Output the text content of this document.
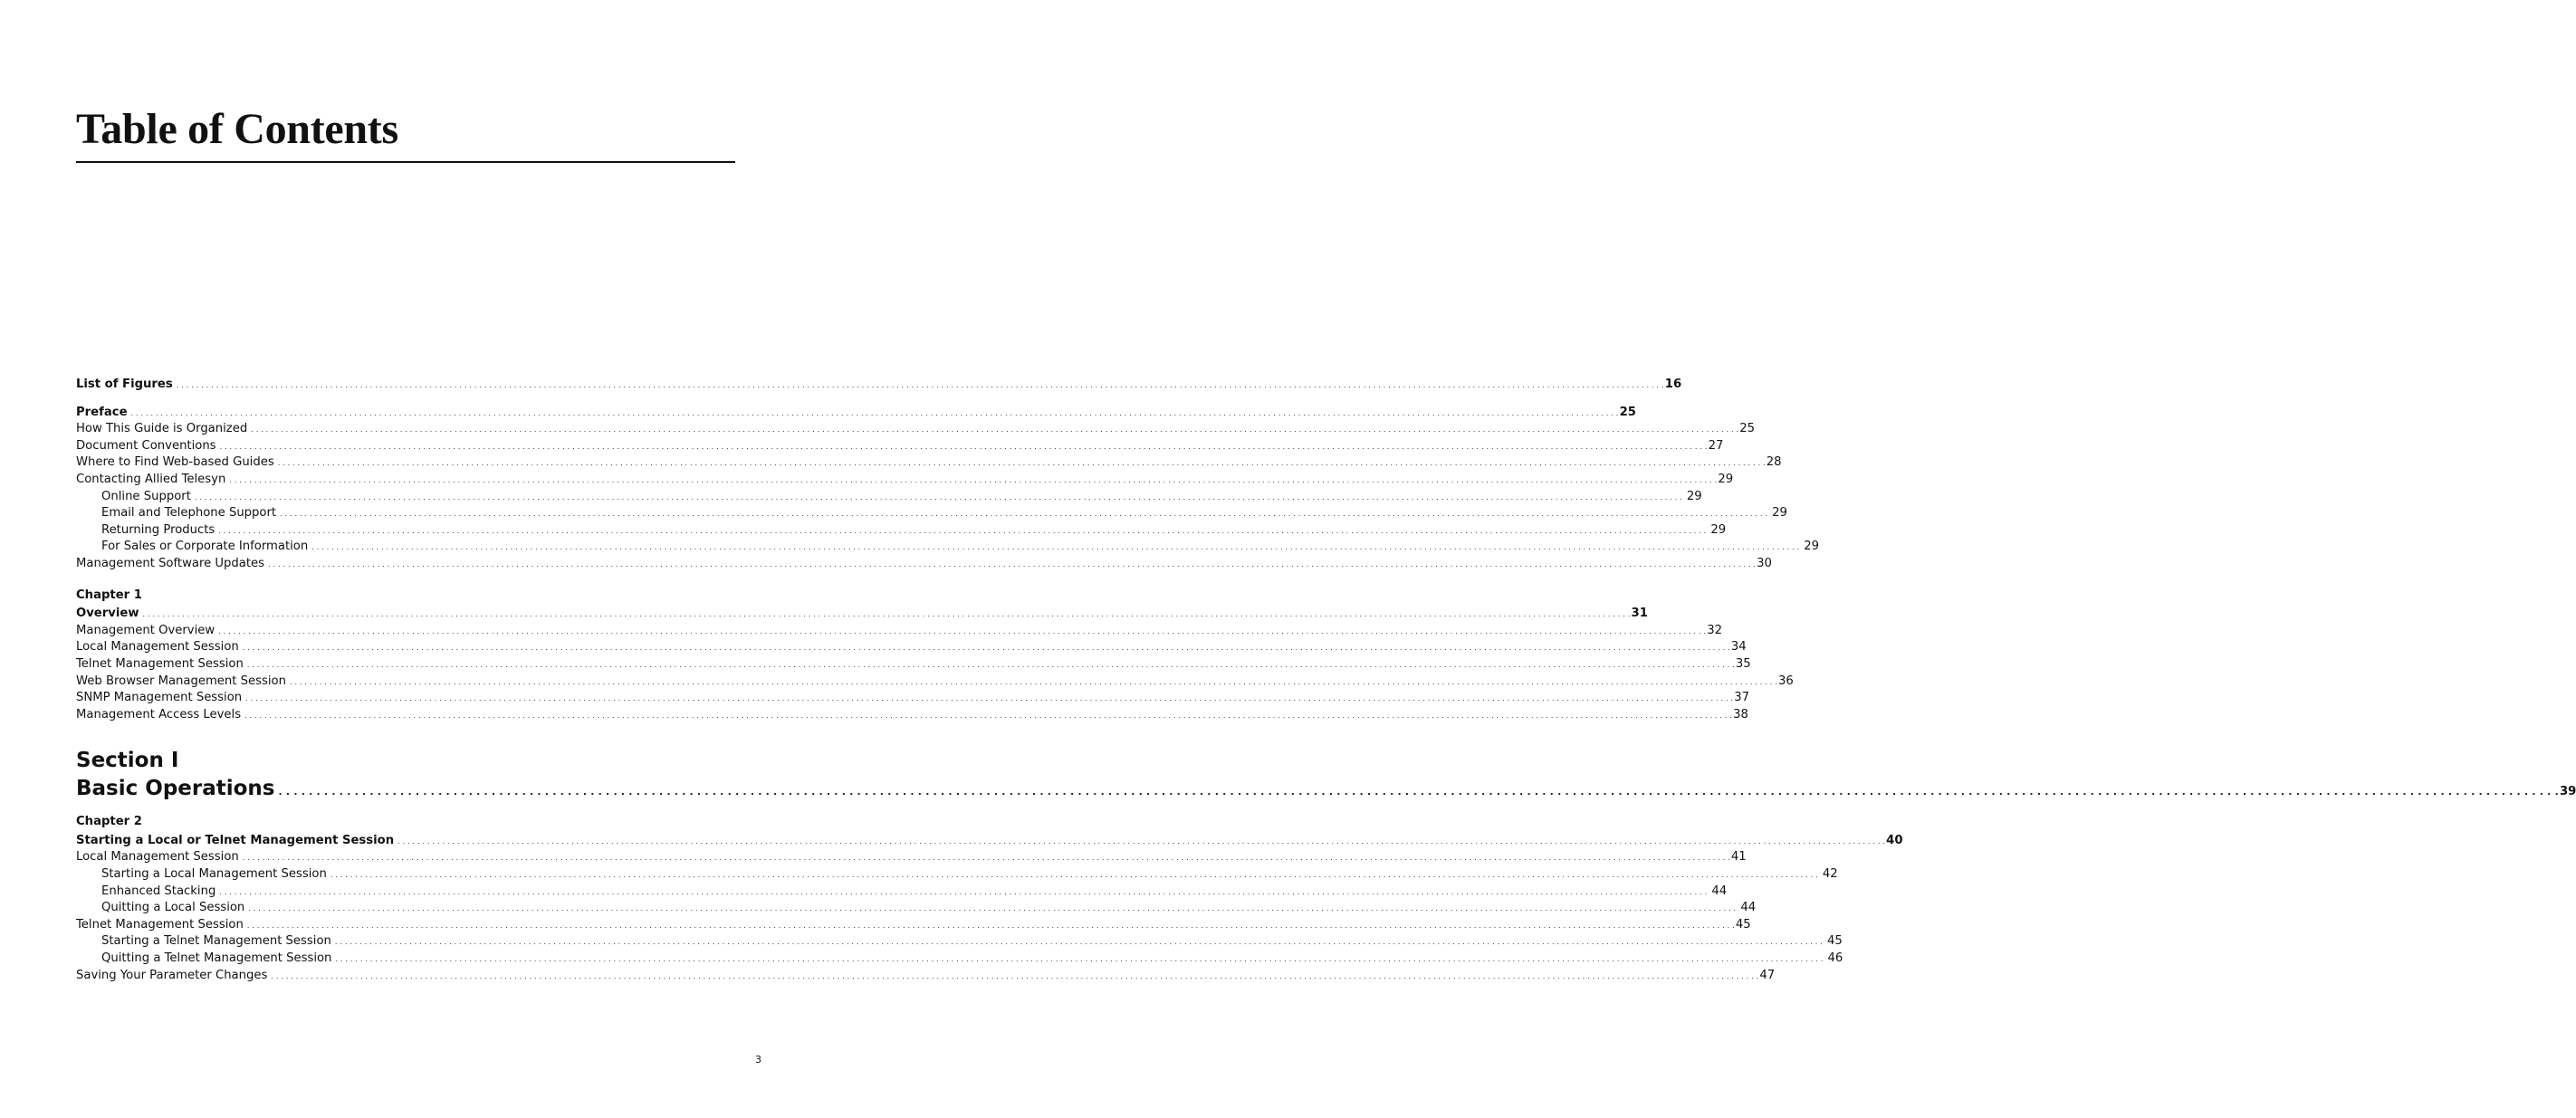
Table of Contents
List of Figures . . . . . . . . . . . . . . . . . . . . . . . . . . . . . . . . . . . . . . . . . . . . . . . . . . . . . . . . . . . . . . . . . . . . . . . . . . . . . . . . . . . . . . . . . . . . . . . . . . . . . . . . . . . . . . . . . . . . . . . . . . . . . . . . . . . . . . . . . . . . . . . . . . . . . . . . . . . . . . . . . . . . . . . . . . . . . . . . . . . . . . . . . . . . . . . . . . . . . . . . . . . . . . . . . . . . . . . . . . . . . . . . . . . . . . . . . . . . . . . . . . . . . . . . . . . . . . . . . . . . . . . . . . . . . . . . . . . . . . . . . . . . . . . . . . . . . . . . . . . . 16
Preface . . . . . . . . . . . . . . . . . . . . . . . . . . . . . . . . . . . . . . . . . . . . . . . . . . . . . . . . . . . . . . . . . . . . . . . . . . . . . . . . . . . . . . . . . . . . . . . . . . . . . . . . . . . . . . . . . . . . . . . . . . . . . . . . . . . . . . . . . . . . . . . . . . . . . . . . . . . . . . . . . . . . . . . . . . . . . . . . . . . . . . . . . . . . . . . . . . . . . . . . . . . . . . . . . . . . . . . . . . . . . . . . . . . . . . . . . . . . . . . . . . . . . . . . . . . . . . . . . . . . . . . . . . . . . . . . . . . . . . . . . . . . . . . . . . . . . . . . . . . . 25
How This Guide is Organized . . . . . . . . . . . . . . . . . . . . . . . . . . . . . . . . . . . . . . . . . . . . . . . . . . . . . . . . . . . . . . . . . . . . . . . . . . . . . . . . . . . . . . . . . . . . . . . . . . . . . . . . . . . . . . . . . . . . . . . . . . . . . . . . . . . . . . . . . . . . . . . . . . . . . . . . . . . . . . . . . . . . . . . . . . . . . . . . . . . . . . . . . . . . . . . . . . . . . . . . . . . . . . . . . . . . . . . . . . . . . . . . . . . . . . . . . . . . . . . . . . . . . . . . . . . . . . . . . . . . . . . . . . . . . . . . . . . . . . . . . . . . . . . . . . . . . . . . . . . . 25
Document Conventions . . . . . . . . . . . . . . . . . . . . . . . . . . . . . . . . . . . . . . . . . . . . . . . . . . . . . . . . . . . . . . . . . . . . . . . . . . . . . . . . . . . . . . . . . . . . . . . . . . . . . . . . . . . . . . . . . . . . . . . . . . . . . . . . . . . . . . . . . . . . . . . . . . . . . . . . . . . . . . . . . . . . . . . . . . . . . . . . . . . . . . . . . . . . . . . . . . . . . . . . . . . . . . . . . . . . . . . . . . . . . . . . . . . . . . . . . . . . . . . . . . . . . . . . . . . . . . . . . . . . . . . . . . . . . . . . . . . . . . . . . . . . . . . . . . . . . . . . . . . . 27
Where to Find Web-based Guides . . . . . . . . . . . . . . . . . . . . . . . . . . . . . . . . . . . . . . . . . . . . . . . . . . . . . . . . . . . . . . . . . . . . . . . . . . . . . . . . . . . . . . . . . . . . . . . . . . . . . . . . . . . . . . . . . . . . . . . . . . . . . . . . . . . . . . . . . . . . . . . . . . . . . . . . . . . . . . . . . . . . . . . . . . . . . . . . . . . . . . . . . . . . . . . . . . . . . . . . . . . . . . . . . . . . . . . . . . . . . . . . . . . . . . . . . . . . . . . . . . . . . . . . . . . . . . . . . . . . . . . . . . . . . . . . . . . . . . . . . . . . . . . . . . . . . . . . . . . . 28
Contacting Allied Telesyn . . . . . . . . . . . . . . . . . . . . . . . . . . . . . . . . . . . . . . . . . . . . . . . . . . . . . . . . . . . . . . . . . . . . . . . . . . . . . . . . . . . . . . . . . . . . . . . . . . . . . . . . . . . . . . . . . . . . . . . . . . . . . . . . . . . . . . . . . . . . . . . . . . . . . . . . . . . . . . . . . . . . . . . . . . . . . . . . . . . . . . . . . . . . . . . . . . . . . . . . . . . . . . . . . . . . . . . . . . . . . . . . . . . . . . . . . . . . . . . . . . . . . . . . . . . . . . . . . . . . . . . . . . . . . . . . . . . . . . . . . . . . . . . . . . . . . . . . . . . . 29
Online Support . . . . . . . . . . . . . . . . . . . . . . . . . . . . . . . . . . . . . . . . . . . . . . . . . . . . . . . . . . . . . . . . . . . . . . . . . . . . . . . . . . . . . . . . . . . . . . . . . . . . . . . . . . . . . . . . . . . . . . . . . . . . . . . . . . . . . . . . . . . . . . . . . . . . . . . . . . . . . . . . . . . . . . . . . . . . . . . . . . . . . . . . . . . . . . . . . . . . . . . . . . . . . . . . . . . . . . . . . . . . . . . . . . . . . . . . . . . . . . . . . . . . . . . . . . . . . . . . . . . . . . . . . . . . . . . . . . . . . . . . . . . . . . . . . . . . . . . . . . . . 29
Email and Telephone Support . . . . . . . . . . . . . . . . . . . . . . . . . . . . . . . . . . . . . . . . . . . . . . . . . . . . . . . . . . . . . . . . . . . . . . . . . . . . . . . . . . . . . . . . . . . . . . . . . . . . . . . . . . . . . . . . . . . . . . . . . . . . . . . . . . . . . . . . . . . . . . . . . . . . . . . . . . . . . . . . . . . . . . . . . . . . . . . . . . . . . . . . . . . . . . . . . . . . . . . . . . . . . . . . . . . . . . . . . . . . . . . . . . . . . . . . . . . . . . . . . . . . . . . . . . . . . . . . . . . . . . . . . . . . . . . . . . . . . . . . . . . . . . . . . . . . . . . . . . . . 29
Returning Products . . . . . . . . . . . . . . . . . . . . . . . . . . . . . . . . . . . . . . . . . . . . . . . . . . . . . . . . . . . . . . . . . . . . . . . . . . . . . . . . . . . . . . . . . . . . . . . . . . . . . . . . . . . . . . . . . . . . . . . . . . . . . . . . . . . . . . . . . . . . . . . . . . . . . . . . . . . . . . . . . . . . . . . . . . . . . . . . . . . . . . . . . . . . . . . . . . . . . . . . . . . . . . . . . . . . . . . . . . . . . . . . . . . . . . . . . . . . . . . . . . . . . . . . . . . . . . . . . . . . . . . . . . . . . . . . . . . . . . . . . . . . . . . . . . . . . . . . . . . . 29
For Sales or Corporate Information . . . . . . . . . . . . . . . . . . . . . . . . . . . . . . . . . . . . . . . . . . . . . . . . . . . . . . . . . . . . . . . . . . . . . . . . . . . . . . . . . . . . . . . . . . . . . . . . . . . . . . . . . . . . . . . . . . . . . . . . . . . . . . . . . . . . . . . . . . . . . . . . . . . . . . . . . . . . . . . . . . . . . . . . . . . . . . . . . . . . . . . . . . . . . . . . . . . . . . . . . . . . . . . . . . . . . . . . . . . . . . . . . . . . . . . . . . . . . . . . . . . . . . . . . . . . . . . . . . . . . . . . . . . . . . . . . . . . . . . . . . . . . . . . . . . . . . . . . . . . 29
Management Software Updates . . . . . . . . . . . . . . . . . . . . . . . . . . . . . . . . . . . . . . . . . . . . . . . . . . . . . . . . . . . . . . . . . . . . . . . . . . . . . . . . . . . . . . . . . . . . . . . . . . . . . . . . . . . . . . . . . . . . . . . . . . . . . . . . . . . . . . . . . . . . . . . . . . . . . . . . . . . . . . . . . . . . . . . . . . . . . . . . . . . . . . . . . . . . . . . . . . . . . . . . . . . . . . . . . . . . . . . . . . . . . . . . . . . . . . . . . . . . . . . . . . . . . . . . . . . . . . . . . . . . . . . . . . . . . . . . . . . . . . . . . . . . . . . . . . . . . . . . . . . . 30
Chapter 1
Overview . . . . . . . . . . . . . . . . . . . . . . . . . . . . . . . . . . . . . . . . . . . . . . . . . . . . . . . . . . . . . . . . . . . . . . . . . . . . . . . . . . . . . . . . . . . . . . . . . . . . . . . . . . . . . . . . . . . . . . . . . . . . . . . . . . . . . . . . . . . . . . . . . . . . . . . . . . . . . . . . . . . . . . . . . . . . . . . . . . . . . . . . . . . . . . . . . . . . . . . . . . . . . . . . . . . . . . . . . . . . . . . . . . . . . . . . . . . . . . . . . . . . . . . . . . . . . . . . . . . . . . . . . . . . . . . . . . . . . . . . . . . . . . . . . . . . . . . . . . . . 31
Management Overview . . . . . . . . . . . . . . . . . . . . . . . . . . . . . . . . . . . . . . . . . . . . . . . . . . . . . . . . . . . . . . . . . . . . . . . . . . . . . . . . . . . . . . . . . . . . . . . . . . . . . . . . . . . . . . . . . . . . . . . . . . . . . . . . . . . . . . . . . . . . . . . . . . . . . . . . . . . . . . . . . . . . . . . . . . . . . . . . . . . . . . . . . . . . . . . . . . . . . . . . . . . . . . . . . . . . . . . . . . . . . . . . . . . . . . . . . . . . . . . . . . . . . . . . . . . . . . . . . . . . . . . . . . . . . . . . . . . . . . . . . . . . . . . . . . . . . . . . . . . . 32
Local Management Session . . . . . . . . . . . . . . . . . . . . . . . . . . . . . . . . . . . . . . . . . . . . . . . . . . . . . . . . . . . . . . . . . . . . . . . . . . . . . . . . . . . . . . . . . . . . . . . . . . . . . . . . . . . . . . . . . . . . . . . . . . . . . . . . . . . . . . . . . . . . . . . . . . . . . . . . . . . . . . . . . . . . . . . . . . . . . . . . . . . . . . . . . . . . . . . . . . . . . . . . . . . . . . . . . . . . . . . . . . . . . . . . . . . . . . . . . . . . . . . . . . . . . . . . . . . . . . . . . . . . . . . . . . . . . . . . . . . . . . . . . . . . . . . . . . . . . . . . . . . . 34
Telnet Management Session . . . . . . . . . . . . . . . . . . . . . . . . . . . . . . . . . . . . . . . . . . . . . . . . . . . . . . . . . . . . . . . . . . . . . . . . . . . . . . . . . . . . . . . . . . . . . . . . . . . . . . . . . . . . . . . . . . . . . . . . . . . . . . . . . . . . . . . . . . . . . . . . . . . . . . . . . . . . . . . . . . . . . . . . . . . . . . . . . . . . . . . . . . . . . . . . . . . . . . . . . . . . . . . . . . . . . . . . . . . . . . . . . . . . . . . . . . . . . . . . . . . . . . . . . . . . . . . . . . . . . . . . . . . . . . . . . . . . . . . . . . . . . . . . . . . . . . . . . . . . 35
Web Browser Management Session . . . . . . . . . . . . . . . . . . . . . . . . . . . . . . . . . . . . . . . . . . . . . . . . . . . . . . . . . . . . . . . . . . . . . . . . . . . . . . . . . . . . . . . . . . . . . . . . . . . . . . . . . . . . . . . . . . . . . . . . . . . . . . . . . . . . . . . . . . . . . . . . . . . . . . . . . . . . . . . . . . . . . . . . . . . . . . . . . . . . . . . . . . . . . . . . . . . . . . . . . . . . . . . . . . . . . . . . . . . . . . . . . . . . . . . . . . . . . . . . . . . . . . . . . . . . . . . . . . . . . . . . . . . . . . . . . . . . . . . . . . . . . . . . . . . . . . . . . . . . 36
SNMP Management Session . . . . . . . . . . . . . . . . . . . . . . . . . . . . . . . . . . . . . . . . . . . . . . . . . . . . . . . . . . . . . . . . . . . . . . . . . . . . . . . . . . . . . . . . . . . . . . . . . . . . . . . . . . . . . . . . . . . . . . . . . . . . . . . . . . . . . . . . . . . . . . . . . . . . . . . . . . . . . . . . . . . . . . . . . . . . . . . . . . . . . . . . . . . . . . . . . . . . . . . . . . . . . . . . . . . . . . . . . . . . . . . . . . . . . . . . . . . . . . . . . . . . . . . . . . . . . . . . . . . . . . . . . . . . . . . . . . . . . . . . . . . . . . . . . . . . . . . . . . . . 37
Management Access Levels . . . . . . . . . . . . . . . . . . . . . . . . . . . . . . . . . . . . . . . . . . . . . . . . . . . . . . . . . . . . . . . . . . . . . . . . . . . . . . . . . . . . . . . . . . . . . . . . . . . . . . . . . . . . . . . . . . . . . . . . . . . . . . . . . . . . . . . . . . . . . . . . . . . . . . . . . . . . . . . . . . . . . . . . . . . . . . . . . . . . . . . . . . . . . . . . . . . . . . . . . . . . . . . . . . . . . . . . . . . . . . . . . . . . . . . . . . . . . . . . . . . . . . . . . . . . . . . . . . . . . . . . . . . . . . . . . . . . . . . . . . . . . . . . . . . . . . . . . . . . 38
Section I
Basic Operations . . . . . . . . . . . . . . . . . . . . . . . . . . . . . . . . . . . . . . . . . . . . . . . . . . . . . . . . . . . . . . . . . . . . . . . . . . . . . . . . . . . . . . . . . . . . . . . . . . . . . . . . . . . . . . . . . . . . . . . . . . . . . . . . . . . . . . . . . . . . . . . . . . . . . . . . . . . . . . . . . . . . . . . . . . . . . . . . . . . . . . . . . . . . . . . . . . . . . . . . . . . . . . . . . . . . . . . . . . . . . . . . . . . . . . . . . . . . . . . . . . . . . . . . . . . . . . . . . . . . . . . . . . . . . . . . . . . . . . . . . . . . . . . . . . . . . . . . . . . . 39
Chapter 2
Starting a Local or Telnet Management Session . . . . . . . . . . . . . . . . . . . . . . . . . . . . . . . . . . . . . . . . . . . . . . . . . . . . . . . . . . . . . . . . . . . . . . . . . . . . . . . . . . . . . . . . . . . . . . . . . . . . . . . . . . . . . . . . . . . . . . . . . . . . . . . . . . . . . . . . . . . . . . . . . . . . . . . . . . . . . . . . . . . . . . . . . . . . . . . . . . . . . . . . . . . . . . . . . . . . . . . . . . . . . . . . . . . . . . . . . . . . . . . . . . . . . . . . . . . . . . . . . . . . . . . . . . . . . . . . . . . . . . . . . . . . . . . . . . . . . . . . . . . . . . . . . . . . . . . . . . . . 40
Local Management Session . . . . . . . . . . . . . . . . . . . . . . . . . . . . . . . . . . . . . . . . . . . . . . . . . . . . . . . . . . . . . . . . . . . . . . . . . . . . . . . . . . . . . . . . . . . . . . . . . . . . . . . . . . . . . . . . . . . . . . . . . . . . . . . . . . . . . . . . . . . . . . . . . . . . . . . . . . . . . . . . . . . . . . . . . . . . . . . . . . . . . . . . . . . . . . . . . . . . . . . . . . . . . . . . . . . . . . . . . . . . . . . . . . . . . . . . . . . . . . . . . . . . . . . . . . . . . . . . . . . . . . . . . . . . . . . . . . . . . . . . . . . . . . . . . . . . . . . . . . . . 41
Starting a Local Management Session . . . . . . . . . . . . . . . . . . . . . . . . . . . . . . . . . . . . . . . . . . . . . . . . . . . . . . . . . . . . . . . . . . . . . . . . . . . . . . . . . . . . . . . . . . . . . . . . . . . . . . . . . . . . . . . . . . . . . . . . . . . . . . . . . . . . . . . . . . . . . . . . . . . . . . . . . . . . . . . . . . . . . . . . . . . . . . . . . . . . . . . . . . . . . . . . . . . . . . . . . . . . . . . . . . . . . . . . . . . . . . . . . . . . . . . . . . . . . . . . . . . . . . . . . . . . . . . . . . . . . . . . . . . . . . . . . . . . . . . . . . . . . . . . . . . . . . . . . . . . 42
Enhanced Stacking . . . . . . . . . . . . . . . . . . . . . . . . . . . . . . . . . . . . . . . . . . . . . . . . . . . . . . . . . . . . . . . . . . . . . . . . . . . . . . . . . . . . . . . . . . . . . . . . . . . . . . . . . . . . . . . . . . . . . . . . . . . . . . . . . . . . . . . . . . . . . . . . . . . . . . . . . . . . . . . . . . . . . . . . . . . . . . . . . . . . . . . . . . . . . . . . . . . . . . . . . . . . . . . . . . . . . . . . . . . . . . . . . . . . . . . . . . . . . . . . . . . . . . . . . . . . . . . . . . . . . . . . . . . . . . . . . . . . . . . . . . . . . . . . . . . . . . . . . . . . 44
Quitting a Local Session . . . . . . . . . . . . . . . . . . . . . . . . . . . . . . . . . . . . . . . . . . . . . . . . . . . . . . . . . . . . . . . . . . . . . . . . . . . . . . . . . . . . . . . . . . . . . . . . . . . . . . . . . . . . . . . . . . . . . . . . . . . . . . . . . . . . . . . . . . . . . . . . . . . . . . . . . . . . . . . . . . . . . . . . . . . . . . . . . . . . . . . . . . . . . . . . . . . . . . . . . . . . . . . . . . . . . . . . . . . . . . . . . . . . . . . . . . . . . . . . . . . . . . . . . . . . . . . . . . . . . . . . . . . . . . . . . . . . . . . . . . . . . . . . . . . . . . . . . . . . 44
Telnet Management Session . . . . . . . . . . . . . . . . . . . . . . . . . . . . . . . . . . . . . . . . . . . . . . . . . . . . . . . . . . . . . . . . . . . . . . . . . . . . . . . . . . . . . . . . . . . . . . . . . . . . . . . . . . . . . . . . . . . . . . . . . . . . . . . . . . . . . . . . . . . . . . . . . . . . . . . . . . . . . . . . . . . . . . . . . . . . . . . . . . . . . . . . . . . . . . . . . . . . . . . . . . . . . . . . . . . . . . . . . . . . . . . . . . . . . . . . . . . . . . . . . . . . . . . . . . . . . . . . . . . . . . . . . . . . . . . . . . . . . . . . . . . . . . . . . . . . . . . . . . . . 45
Starting a Telnet Management Session . . . . . . . . . . . . . . . . . . . . . . . . . . . . . . . . . . . . . . . . . . . . . . . . . . . . . . . . . . . . . . . . . . . . . . . . . . . . . . . . . . . . . . . . . . . . . . . . . . . . . . . . . . . . . . . . . . . . . . . . . . . . . . . . . . . . . . . . . . . . . . . . . . . . . . . . . . . . . . . . . . . . . . . . . . . . . . . . . . . . . . . . . . . . . . . . . . . . . . . . . . . . . . . . . . . . . . . . . . . . . . . . . . . . . . . . . . . . . . . . . . . . . . . . . . . . . . . . . . . . . . . . . . . . . . . . . . . . . . . . . . . . . . . . . . . . . . . . . . . . 45
Quitting a Telnet Management Session . . . . . . . . . . . . . . . . . . . . . . . . . . . . . . . . . . . . . . . . . . . . . . . . . . . . . . . . . . . . . . . . . . . . . . . . . . . . . . . . . . . . . . . . . . . . . . . . . . . . . . . . . . . . . . . . . . . . . . . . . . . . . . . . . . . . . . . . . . . . . . . . . . . . . . . . . . . . . . . . . . . . . . . . . . . . . . . . . . . . . . . . . . . . . . . . . . . . . . . . . . . . . . . . . . . . . . . . . . . . . . . . . . . . . . . . . . . . . . . . . . . . . . . . . . . . . . . . . . . . . . . . . . . . . . . . . . . . . . . . . . . . . . . . . . . . . . . . . . . . 46
Saving Your Parameter Changes . . . . . . . . . . . . . . . . . . . . . . . . . . . . . . . . . . . . . . . . . . . . . . . . . . . . . . . . . . . . . . . . . . . . . . . . . . . . . . . . . . . . . . . . . . . . . . . . . . . . . . . . . . . . . . . . . . . . . . . . . . . . . . . . . . . . . . . . . . . . . . . . . . . . . . . . . . . . . . . . . . . . . . . . . . . . . . . . . . . . . . . . . . . . . . . . . . . . . . . . . . . . . . . . . . . . . . . . . . . . . . . . . . . . . . . . . . . . . . . . . . . . . . . . . . . . . . . . . . . . . . . . . . . . . . . . . . . . . . . . . . . . . . . . . . . . . . . . . . . . 47
3
